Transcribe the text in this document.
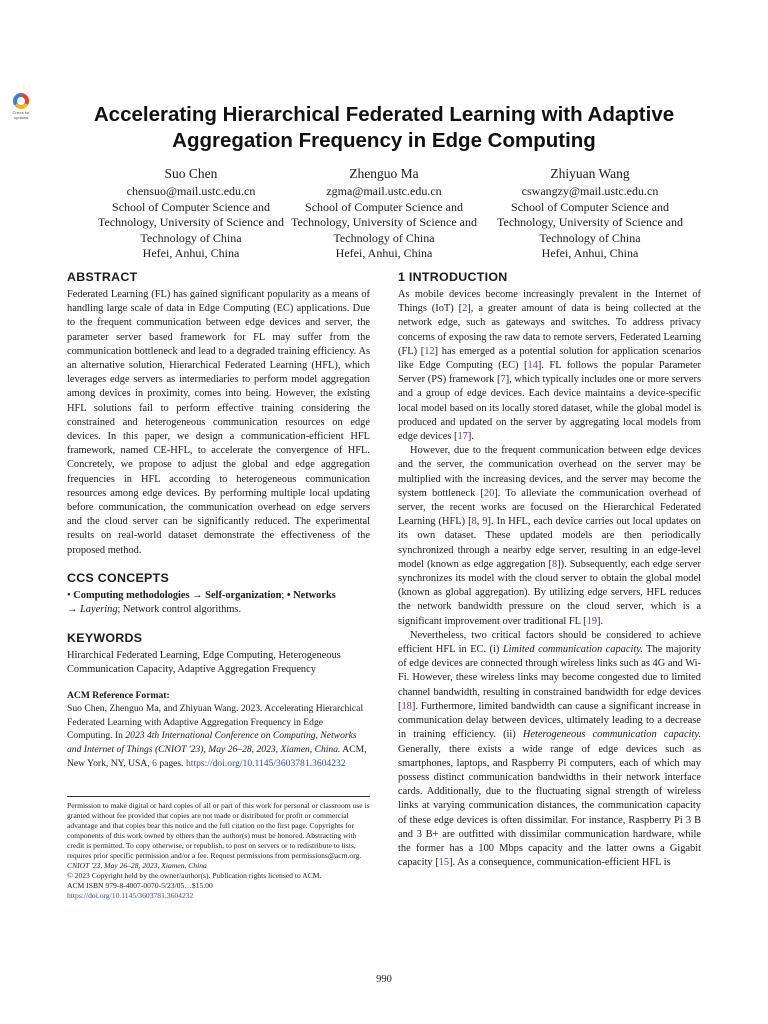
Check for updates	Accelerating Hierarchical Federated Learning with Adaptive Aggregation Frequency in Edge Computing
Suo Chen
chensuo@mail.ustc.edu.cn
School of Computer Science and Technology, University of Science and Technology of China
Hefei, Anhui, China
Zhenguo Ma
zgma@mail.ustc.edu.cn
School of Computer Science and Technology, University of Science and Technology of China
Hefei, Anhui, China
Zhiyuan Wang
cswangzy@mail.ustc.edu.cn
School of Computer Science and Technology, University of Science and Technology of China
Hefei, Anhui, China
ABSTRACT

Federated Learning (FL) has gained significant popularity as a means of handling large scale of data in Edge Computing (EC) applications. Due to the frequent communication between edge devices and server, the parameter server based framework for FL may suffer from the communication bottleneck and lead to a degraded training efficiency. As an alternative solution, Hierarchical Federated Learning (HFL), which leverages edge servers as intermediaries to perform model aggregation among devices in proximity, comes into being. However, the existing HFL solutions fail to perform effective training considering the constrained and heterogeneous communication resources on edge devices. In this paper, we design a communication-efficient HFL framework, named CE-HFL, to accelerate the convergence of HFL. Concretely, we propose to adjust the global and edge aggregation frequencies in HFL according to heterogeneous communication resources among edge devices. By performing multiple local updating before communication, the communication overhead on edge servers and the cloud server can be significantly reduced. The experimental results on real-world dataset demonstrate the effectiveness of the proposed method.

CCS CONCEPTS

• Computing methodologies → Self-organization; • Networks
→ Layering; Network control algorithms.

KEYWORDS

Hirarchical Federated Learning, Edge Computing, Heterogeneous Communication Capacity, Adaptive Aggregation Frequency

ACM Reference Format:
Suo Chen, Zhenguo Ma, and Zhiyuan Wang. 2023. Accelerating Hierarchical Federated Learning with Adaptive Aggregation Frequency in Edge Computing. In 2023 4th International Conference on Computing, Networks and Internet of Things (CNIOT '23), May 26–28, 2023, Xiamen, China. ACM, New York, NY, USA, 6 pages. https://doi.org/10.1145/3603781.3604232

Permission to make digital or hard copies of all or part of this work for personal or classroom use is granted without fee provided that copies are not made or distributed for profit or commercial advantage and that copies bear this notice and the full citation on the first page. Copyrights for components of this work owned by others than the author(s) must be honored. Abstracting with credit is permitted. To copy otherwise, or republish, to post on servers or to redistribute to lists, requires prior specific permission and/or a fee. Request permissions from permissions@acm.org.
CNIOT '23, May 26–28, 2023, Xiamen, China
© 2023 Copyright held by the owner/author(s). Publication rights licensed to ACM.
ACM ISBN 979-8-4007-0070-5/23/05…$15.00
https://doi.org/10.1145/3603781.3604232
1 INTRODUCTION

As mobile devices become increasingly prevalent in the Internet of Things (IoT) [2], a greater amount of data is being collected at the network edge, such as gateways and switches. To address privacy concerns of exposing the raw data to remote servers, Federated Learning (FL) [12] has emerged as a potential solution for application scenarios like Edge Computing (EC) [14]. FL follows the popular Parameter Server (PS) framework [7], which typically includes one or more servers and a group of edge devices. Each device maintains a device-specific local model based on its locally stored dataset, while the global model is produced and updated on the server by aggregating local models from edge devices [17].

However, due to the frequent communication between edge devices and the server, the communication overhead on the server may be multiplied with the increasing devices, and the server may become the system bottleneck [20]. To alleviate the communication overhead of server, the recent works are focused on the Hierarchical Federated Learning (HFL) [8, 9]. In HFL, each device carries out local updates on its own dataset. These updated models are then periodically synchronized through a nearby edge server, resulting in an edge-level model (known as edge aggregation [8]). Subsequently, each edge server synchronizes its model with the cloud server to obtain the global model (known as global aggregation). By utilizing edge servers, HFL reduces the network bandwidth pressure on the cloud server, which is a significant improvement over traditional FL [19].

Nevertheless, two critical factors should be considered to achieve efficient HFL in EC. (i) Limited communication capacity. The majority of edge devices are connected through wireless links such as 4G and Wi-Fi. However, these wireless links may become congested due to limited channel bandwidth, resulting in constrained bandwidth for edge devices [18]. Furthermore, limited bandwidth can cause a significant increase in communication delay between devices, ultimately leading to a decrease in training efficiency. (ii) Heterogeneous communication capacity. Generally, there exists a wide range of edge devices such as smartphones, laptops, and Raspberry Pi computers, each of which may possess distinct communication bandwidths in their network interface cards. Additionally, due to the fluctuating signal strength of wireless links at varying communication distances, the communication capacity of these edge devices is often dissimilar. For instance, Raspberry Pi 3 B and 3 B+ are outfitted with dissimilar communication hardware, while the former has a 100 Mbps capacity and the latter owns a Gigabit capacity [15]. As a consequence, communication-efficient HFL is

990
